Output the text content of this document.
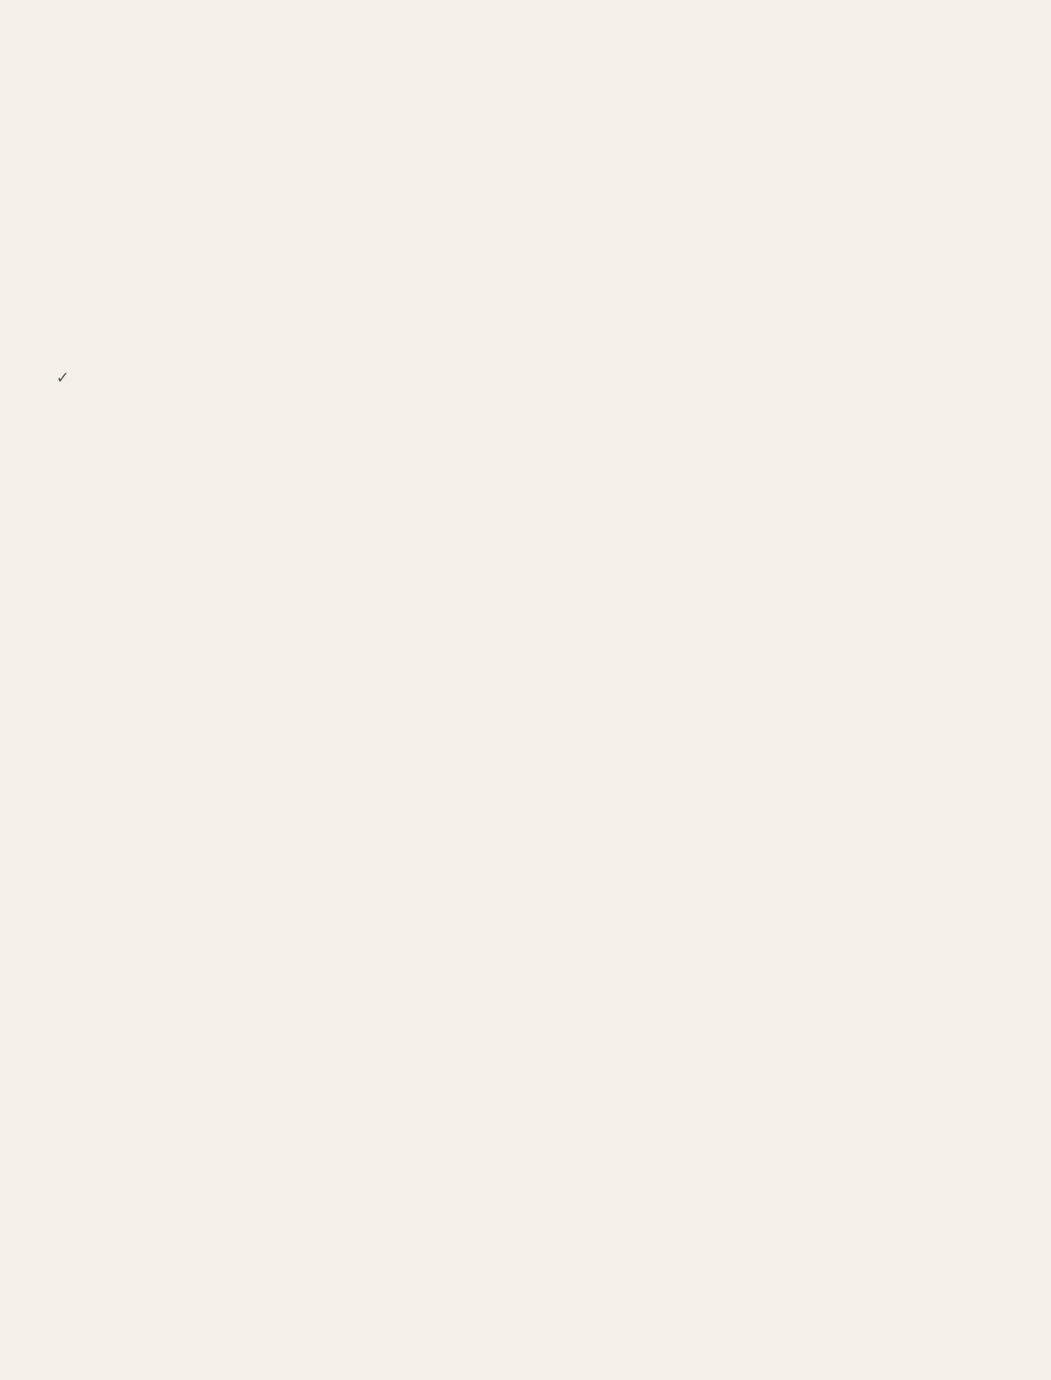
✓
